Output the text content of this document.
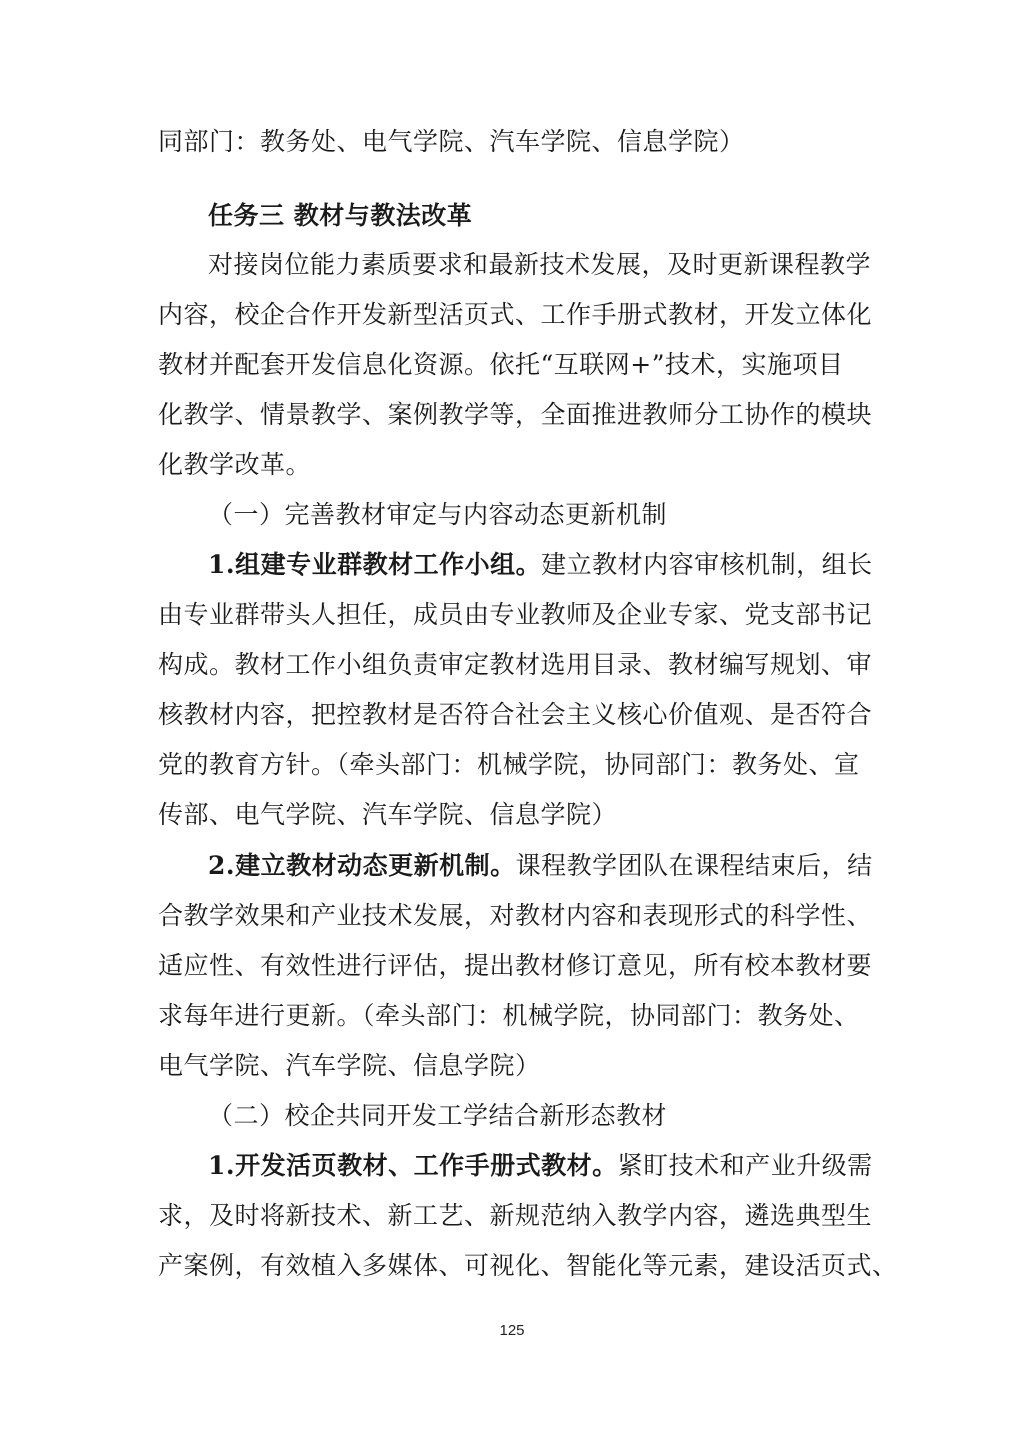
同部门：教务处、电气学院、汽车学院、信息学院）
任务三 教材与教法改革
对接岗位能力素质要求和最新技术发展，及时更新课程教学
内容，校企合作开发新型活页式、工作手册式教材，开发立体化
教材并配套开发信息化资源。依托“互联网+”技术，实施项目
化教学、情景教学、案例教学等，全面推进教师分工协作的模块
化教学改革。
（一）完善教材审定与内容动态更新机制
1.组建专业群教材工作小组。建立教材内容审核机制，组长
由专业群带头人担任，成员由专业教师及企业专家、党支部书记
构成。教材工作小组负责审定教材选用目录、教材编写规划、审
核教材内容，把控教材是否符合社会主义核心价值观、是否符合
党的教育方针。（牵头部门：机械学院，协同部门：教务处、宣
传部、电气学院、汽车学院、信息学院）
2.建立教材动态更新机制。课程教学团队在课程结束后，结
合教学效果和产业技术发展，对教材内容和表现形式的科学性、
适应性、有效性进行评估，提出教材修订意见，所有校本教材要
求每年进行更新。（牵头部门：机械学院，协同部门：教务处、
电气学院、汽车学院、信息学院）
（二）校企共同开发工学结合新形态教材
1.开发活页教材、工作手册式教材。紧盯技术和产业升级需
求，及时将新技术、新工艺、新规范纳入教学内容，遴选典型生
产案例，有效植入多媒体、可视化、智能化等元素，建设活页式、
125
